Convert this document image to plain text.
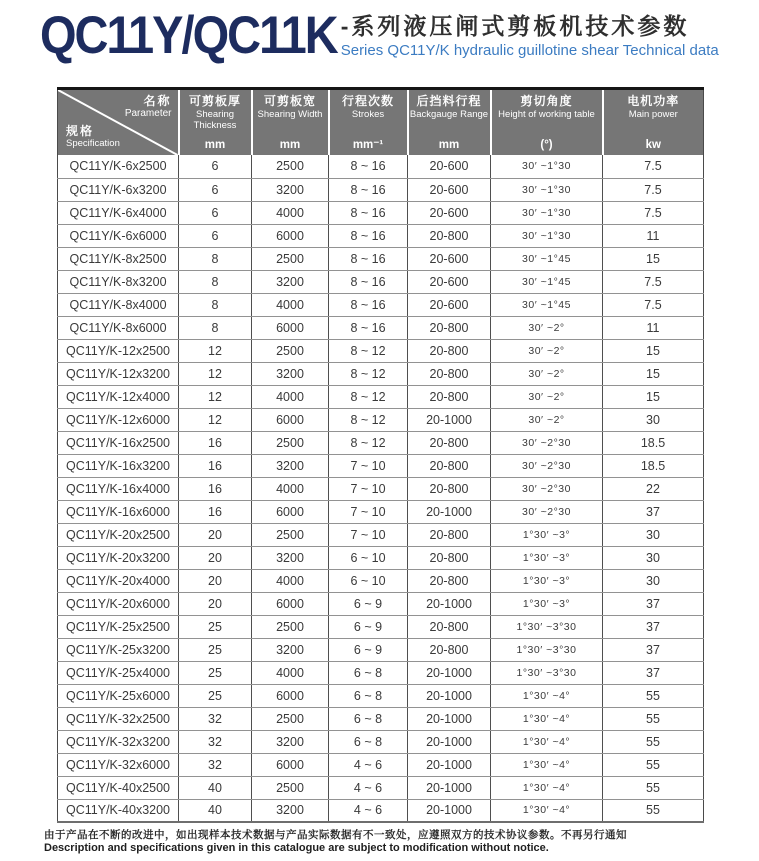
QC11Y/QC11K -系列液压闸式剪板机技术参数
Series QC11Y/K hydraulic guillotine shear Technical data
名称
Parameter
规格
Specification

可剪板厚
Shearing Thickness
mm

可剪板宽
Shearing Width
mm

行程次数
Strokes
mm⁻¹

后挡料行程
Backgauge Range
mm

剪切角度
Height of working table
(°)

电机功率
Main power
kw

QC11Y/K-6x2500	6	2500	8 ~ 16	20-600	30′ ~1°30	7.5
QC11Y/K-6x3200	6	3200	8 ~ 16	20-600	30′ ~1°30	7.5
QC11Y/K-6x4000	6	4000	8 ~ 16	20-600	30′ ~1°30	7.5
QC11Y/K-6x6000	6	6000	8 ~ 16	20-800	30′ ~1°30	11
QC11Y/K-8x2500	8	2500	8 ~ 16	20-600	30′ ~1°45	15
QC11Y/K-8x3200	8	3200	8 ~ 16	20-600	30′ ~1°45	7.5
QC11Y/K-8x4000	8	4000	8 ~ 16	20-600	30′ ~1°45	7.5
QC11Y/K-8x6000	8	6000	8 ~ 16	20-800	30′ ~2°	11
QC11Y/K-12x2500	12	2500	8 ~ 12	20-800	30′ ~2°	15
QC11Y/K-12x3200	12	3200	8 ~ 12	20-800	30′ ~2°	15
QC11Y/K-12x4000	12	4000	8 ~ 12	20-800	30′ ~2°	15
QC11Y/K-12x6000	12	6000	8 ~ 12	20-1000	30′ ~2°	30
QC11Y/K-16x2500	16	2500	8 ~ 12	20-800	30′ ~2°30	18.5
QC11Y/K-16x3200	16	3200	7 ~ 10	20-800	30′ ~2°30	18.5
QC11Y/K-16x4000	16	4000	7 ~ 10	20-800	30′ ~2°30	22
QC11Y/K-16x6000	16	6000	7 ~ 10	20-1000	30′ ~2°30	37
QC11Y/K-20x2500	20	2500	7 ~ 10	20-800	1°30′ ~3°	30
QC11Y/K-20x3200	20	3200	6 ~ 10	20-800	1°30′ ~3°	30
QC11Y/K-20x4000	20	4000	6 ~ 10	20-800	1°30′ ~3°	30
QC11Y/K-20x6000	20	6000	6 ~ 9	20-1000	1°30′ ~3°	37
QC11Y/K-25x2500	25	2500	6 ~ 9	20-800	1°30′ ~3°30	37
QC11Y/K-25x3200	25	3200	6 ~ 9	20-800	1°30′ ~3°30	37
QC11Y/K-25x4000	25	4000	6 ~ 8	20-1000	1°30′ ~3°30	37
QC11Y/K-25x6000	25	6000	6 ~ 8	20-1000	1°30′ ~4°	55
QC11Y/K-32x2500	32	2500	6 ~ 8	20-1000	1°30′ ~4°	55
QC11Y/K-32x3200	32	3200	6 ~ 8	20-1000	1°30′ ~4°	55
QC11Y/K-32x6000	32	6000	4 ~ 6	20-1000	1°30′ ~4°	55
QC11Y/K-40x2500	40	2500	4 ~ 6	20-1000	1°30′ ~4°	55
QC11Y/K-40x3200	40	3200	4 ~ 6	20-1000	1°30′ ~4°	55
由于产品在不断的改进中，如出现样本技术数据与产品实际数据有不一致处，应遵照双方的技术协议参数。不再另行通知
Description and specifications given in this catalogue are subject to modification without notice.
